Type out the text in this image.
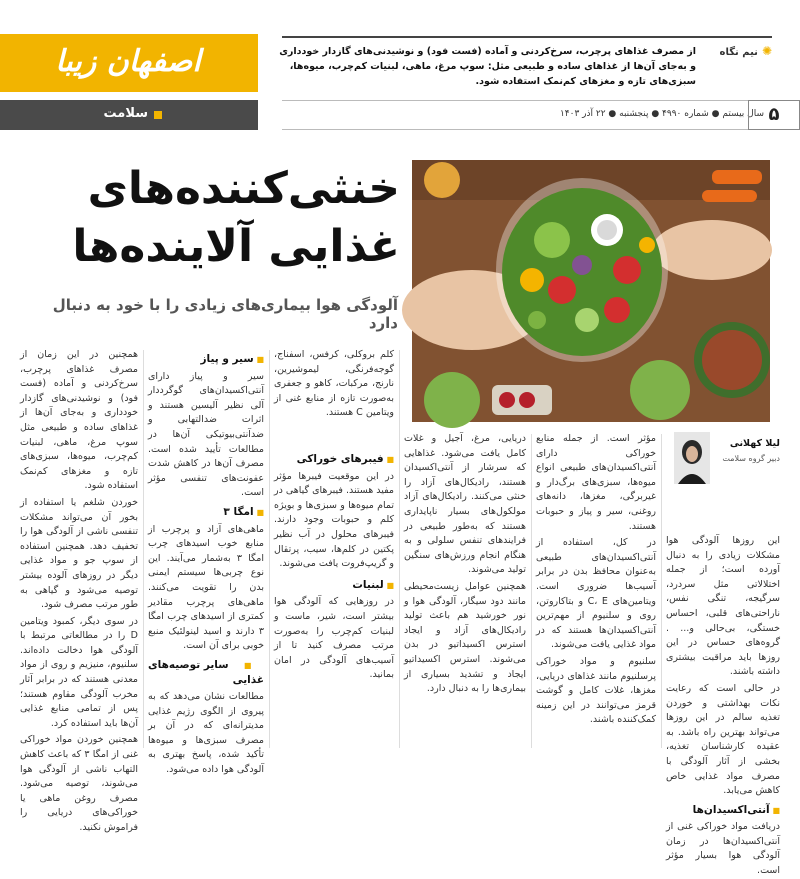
اصفهان زیبا	✺نیم نگاه
از مصرف غذاهای پرچرب، سرخ‌کردنی و آماده (فست فود) و نوشیدنی‌های گازدار خودداری و به‌جای آن‌ها از غذاهای ساده و طبیعی مثل: سوپ مرغ، ماهی، لبنیات کم‌چرب، میوه‌ها، سبزی‌های تازه و مغزهای کم‌نمک استفاده شود.
سلامت	سال بیستم ● شماره ۴۹۹۰ ● پنجشنبه ● ۲۲ آذر ۱۴۰۳ ۵
خنثی‌کننده‌های
غذایی آلاینده‌ها
آلودگی هوا بیماری‌های زیادی را با خود به دنبال دارد

همچنین در این زمان از مصرف غذاهای پرچرب، سرخ‌کردنی و آماده (فست فود) و نوشیدنی‌های گازدار خودداری و به‌جای آن‌ها از غذاهای ساده و طبیعی مثل سوپ مرغ، ماهی، لبنیات کم‌چرب، میوه‌ها، سبزی‌های تازه و مغزهای کم‌نمک استفاده شود.

خوردن شلغم یا استفاده از بخور آن می‌تواند مشکلات تنفسی ناشی از آلودگی هوا را تخفیف دهد. همچنین استفاده از سوپ جو و مواد غذایی دیگر در روزهای آلوده بیشتر توصیه می‌شود و گیاهی به طور مرتب مصرف شود.

در سوی دیگر، کمبود ویتامین D را در مطالعاتی مرتبط با آلودگی هوا دخالت داده‌اند. سلنیوم، منیزیم و روی از مواد معدنی هستند که در برابر آثار مخرب آلودگی مقاوم هستند؛ پس از تمامی منابع غذایی آن‌ها باید استفاده کرد.

همچنین خوردن مواد خوراکی غنی از امگا ۳ که باعث کاهش التهاب ناشی از آلودگی هوا می‌شوند، توصیه می‌شود. مصرف روغن ماهی یا خوراکی‌های دریایی را فراموش نکنید.

■ سیر و پیاز

سیر و پیاز دارای آنتی‌اکسیدان‌های گوگرددار آلی نظیر آلیسین هستند و اثرات ضدالتهابی و ضدآنتی‌بیوتیکی آن‌ها در مطالعات تأیید شده است. مصرف آن‌ها در کاهش شدت عفونت‌های تنفسی مؤثر است.

■ امگا ۳

ماهی‌های آزاد و پرچرب از منابع خوب اسیدهای چرب امگا ۳ به‌شمار می‌آیند. این نوع چربی‌ها سیستم ایمنی بدن را تقویت می‌کنند. ماهی‌های پرچرب مقادیر کمتری از اسیدهای چرب امگا ۳ دارند و اسید لینولئیک منبع خوبی برای آن است.

■ سایر توصیه‌های غذایی

مطالعات نشان می‌دهد که به پیروی از الگوی رژیم غذایی مدیترانه‌ای که در آن بر مصرف سبزی‌ها و میوه‌ها تأکید شده، پاسخ بهتری به آلودگی هوا داده می‌شود.

کلم بروکلی، کرفس، اسفناج، گوجه‌فرنگی، لیموشیرین، نارنج، مرکبات، کاهو و جعفری به‌صورت تازه از منابع غنی از ویتامین C هستند.

■ فیبرهای خوراکی

در این موقعیت فیبرها مؤثر مفید هستند. فیبرهای گیاهی در تمام میوه‌ها و سبزی‌ها و بویژه کلم و حبوبات وجود دارند. فیبرهای محلول در آب نظیر پکتین در کلم‌ها، سیب، پرتقال و گریپ‌فروت یافت می‌شوند.

■ لبنیات

در روزهایی که آلودگی هوا بیشتر است، شیر، ماست و لبنیات کم‌چرب را به‌صورت مرتب مصرف کنید تا از آسیب‌های آلودگی در امان بمانید.

دریایی، مرغ، آجیل و غلات کامل یافت می‌شود. غذاهایی که سرشار از آنتی‌اکسیدان هستند، رادیکال‌های آزاد را خنثی می‌کنند. رادیکال‌های آزاد مولکول‌های بسیار ناپایداری هستند که به‌طور طبیعی در فرایندهای تنفس سلولی و به هنگام انجام ورزش‌های سنگین تولید می‌شوند.

همچنین عوامل زیست‌محیطی مانند دود سیگار، آلودگی هوا و نور خورشید هم باعث تولید رادیکال‌های آزاد و ایجاد استرس اکسیداتیو در بدن می‌شوند. استرس اکسیداتیو ایجاد و تشدید بسیاری از بیماری‌ها را به دنبال دارد.

مؤثر است. از جمله منابع خوراکی دارای آنتی‌اکسیدان‌های طبیعی انواع میوه‌ها، سبزی‌های برگ‌دار و غیربرگی، مغزها، دانه‌های روغنی، سیر و پیاز و حبوبات هستند.

در کل، استفاده از آنتی‌اکسیدان‌های طبیعی به‌عنوان محافظ بدن در برابر آسیب‌ها ضروری است. ویتامین‌های C، E و بتاکاروتن، روی و سلنیوم از مهم‌ترین آنتی‌اکسیدان‌ها هستند که در مواد غذایی یافت می‌شوند.

سلنیوم و مواد خوراکی پرسلنیوم مانند غذاهای دریایی، مغزها، غلات کامل و گوشت قرمز می‌توانند در این زمینه کمک‌کننده باشند.

لیلا کهلانی
دبیر گروه سلامت

این روزها آلودگی هوا مشکلات زیادی را به دنبال آورده است؛ از جمله اختلالاتی مثل سردرد، سرگیجه، تنگی نفس، ناراحتی‌های قلبی، احساس خستگی، بی‌حالی و... . گروه‌های حساس در این روزها باید مراقبت بیشتری داشته باشند.

در حالی است که رعایت نکات بهداشتی و خوردن تغذیه سالم در این روزها می‌تواند بهترین راه باشد. به عقیده کارشناسان تغذیه، بخشی از آثار آلودگی با مصرف مواد غذایی خاص کاهش می‌یابد.

■ آنتی‌اکسیدان‌ها

دریافت مواد خوراکی غنی از آنتی‌اکسیدان‌ها در زمان آلودگی هوا بسیار مؤثر است.
